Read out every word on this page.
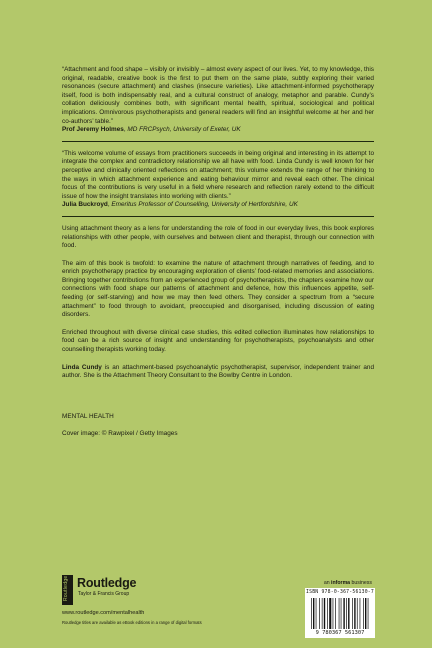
“Attachment and food shape – visibly or invisibly – almost every aspect of our lives. Yet, to my knowledge, this original, readable, creative book is the first to put them on the same plate, subtly exploring their varied resonances (secure attachment) and clashes (insecure varieties). Like attachment-informed psychotherapy itself, food is both indispensably real, and a cultural construct of analogy, metaphor and parable. Cundy’s collation deliciously combines both, with significant mental health, spiritual, sociological and political implications. Omnivorous psychotherapists and general readers will find an insightful welcome at her and her co-authors’ table.”

Prof Jeremy Holmes, MD FRCPsych, University of Exeter, UK

“This welcome volume of essays from practitioners succeeds in being original and interesting in its attempt to integrate the complex and contradictory relationship we all have with food. Linda Cundy is well known for her perceptive and clinically oriented reflections on attachment; this volume extends the range of her thinking to the ways in which attachment experience and eating behaviour mirror and reveal each other. The clinical focus of the contributions is very useful in a field where research and reflection rarely extend to the difficult issue of how the insight translates into working with clients.”

Julia Buckroyd, Emeritus Professor of Counselling, University of Hertfordshire, UK

Using attachment theory as a lens for understanding the role of food in our everyday lives, this book explores relationships with other people, with ourselves and between client and therapist, through our connection with food.

The aim of this book is twofold: to examine the nature of attachment through narratives of feeding, and to enrich psychotherapy practice by encouraging exploration of clients’ food-related memories and associations. Bringing together contributions from an experienced group of psychotherapists, the chapters examine how our connections with food shape our patterns of attachment and defence, how this influences appetite, self-feeding (or self-starving) and how we may then feed others. They consider a spectrum from a “secure attachment” to food through to avoidant, preoccupied and disorganised, including discussion of eating disorders.

Enriched throughout with diverse clinical case studies, this edited collection illuminates how relationships to food can be a rich source of insight and understanding for psychotherapists, psychoanalysts and other counselling therapists working today.

Linda Cundy is an attachment-based psychoanalytic psychotherapist, supervisor, independent trainer and author. She is the Attachment Theory Consultant to the Bowlby Centre in London.

MENTAL HEALTH

Cover image: © Rawpixel / Getty Images

Routledge Routledge
Taylor & Francis Group
www.routledge.com/mentalhealth
Routledge titles are available as eBook editions in a range of digital formats
an informa business
ISBN 978-0-367-56130-7
9 780367 561307
